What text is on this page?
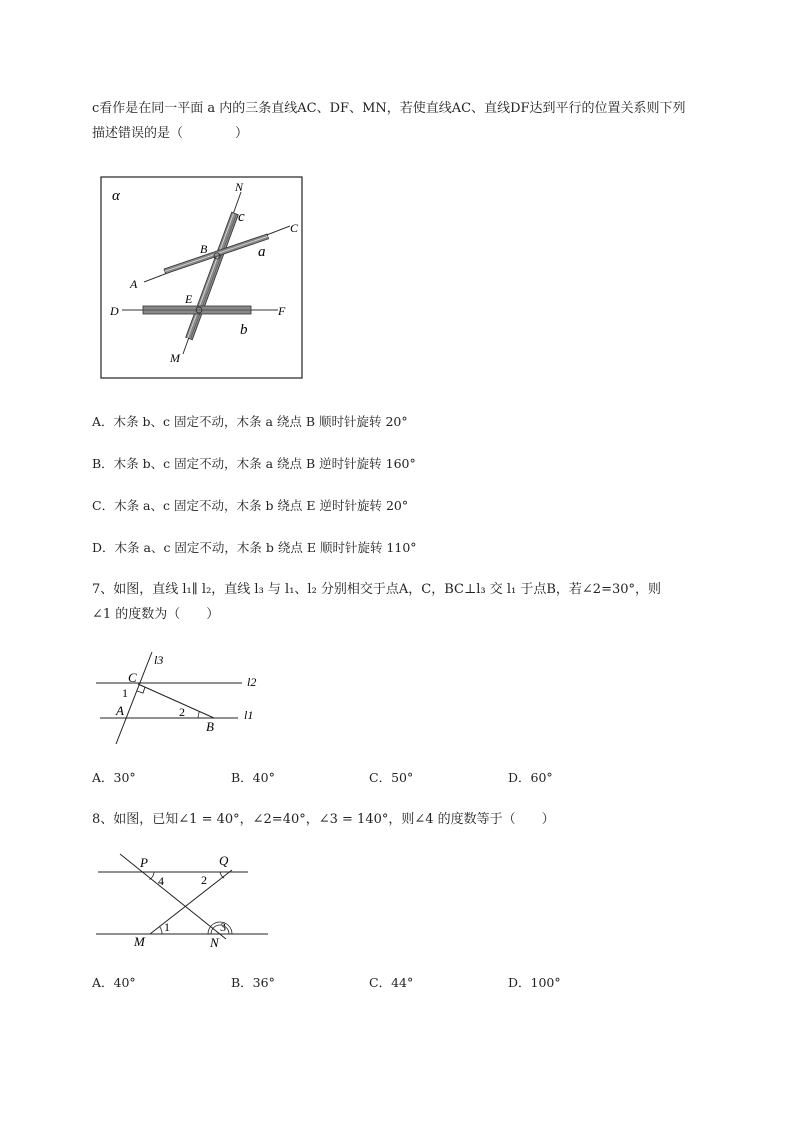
c看作是在同一平面 a 内的三条直线AC、DF、MN，若使直线AC、直线DF达到平行的位置关系则下列
描述错误的是（　　　　）
α
N
c
C
B	a
A
E
D	F
b
M
A．木条 b、c 固定不动，木条 a 绕点 B 顺时针旋转 20°
B．木条 b、c 固定不动，木条 a 绕点 B 逆时针旋转 160°
C．木条 a、c 固定不动，木条 b 绕点 E 逆时针旋转 20°
D．木条 a、c 固定不动，木条 b 绕点 E 顺时针旋转 110°
7、如图，直线 l₁∥ l₂，直线 l₃ 与 l₁、l₂ 分别相交于点A，C，BC⊥l₃ 交 l₁ 于点B，若∠2=30°，则
∠1 的度数为（　　）
l3
l2
l1
C
1
A	2
B
A．30°	B．40°	C．50°	D．60°
8、如图，已知∠1 = 40°，∠2=40°，∠3 = 140°，则∠4 的度数等于（　　）
P	Q
4	2
3
1
M	N
A．40°	B．36°	C．44°	D．100°
